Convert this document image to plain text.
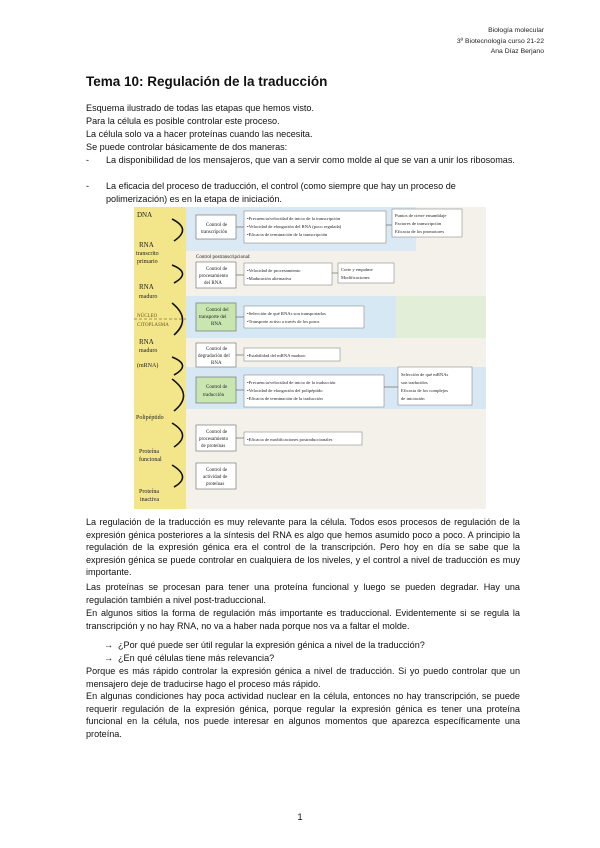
Biología molecular
3º Biotecnología curso 21-22
Ana Díaz Berjano
Tema 10: Regulación de la traducción

Esquema ilustrado de todas las etapas que hemos visto.

Para la célula es posible controlar este proceso.

La célula solo va a hacer proteínas cuando las necesita.

Se puede controlar básicamente de dos maneras:

- La disponibilidad de los mensajeros, que van a servir como molde al que se van a unir los ribosomas.
- La eficacia del proceso de traducción, el control (como siempre que hay un proceso de polimerización) es en la etapa de iniciación.
DNA
RNA
transcrito
primario
RNA
maduro
NÚCLEO
CITOPLASMA
RNA
maduro
(mRNA)
Polipéptido
Proteína
funcional
Proteína
inactiva
Control de
transcripción
Control postranscripcional:
Control de
procesamiento
del RNA
Control del
transporte del
RNA
Control de
degradación del
RNA
Control de
traducción
Control de
procesamiento
de proteínas
Control de
actividad de
proteínas
•Frecuencia/velocidad de inicio de la transcripción
•Velocidad de elongación del RNA (poco regulada)
•Eficacia de terminación de la transcripción
Puntos de cierre ensamblaje
Factores de transcripción
Eficacia de los promotores
•Velocidad de procesamiento
•Maduración alternativa
Corte y empalme
Modificaciones
•Selección de qué RNAs son transportados
•Transporte activo a través de los poros
•Estabilidad del mRNA maduro
•Frecuencia/velocidad de inicio de la traducción
•Velocidad de elongación del polipéptido
•Eficacia de terminación de la traducción
Selección de qué mRNAs
son traducidos
Eficacia de los complejos
de iniciación
•Eficacia de modificaciones postraduccionales

La regulación de la traducción es muy relevante para la célula. Todos esos procesos de regulación de la expresión génica posteriores a la síntesis del RNA es algo que hemos asumido poco a poco. A principio la regulación de la expresión génica era el control de la transcripción. Pero hoy en día se sabe que la expresión génica se puede controlar en cualquiera de los niveles, y el control a nivel de traducción es muy importante.

Las proteínas se procesan para tener una proteína funcional y luego se pueden degradar. Hay una regulación también a nivel post-traduccional.

En algunos sitios la forma de regulación más importante es traduccional. Evidentemente si se regula la transcripción y no hay RNA, no va a haber nada porque nos va a faltar el molde.

→ ¿Por qué puede ser útil regular la expresión génica a nivel de la traducción?
→ ¿En qué células tiene más relevancia?

Porque es más rápido controlar la expresión génica a nivel de traducción. Si yo puedo controlar que un mensajero deje de traducirse hago el proceso más rápido.

En algunas condiciones hay poca actividad nuclear en la célula, entonces no hay transcripción, se puede requerir regulación de la expresión génica, porque regular la expresión génica es tener una proteína funcional en la célula, nos puede interesar en algunos momentos que aparezca específicamente una proteína.

1
